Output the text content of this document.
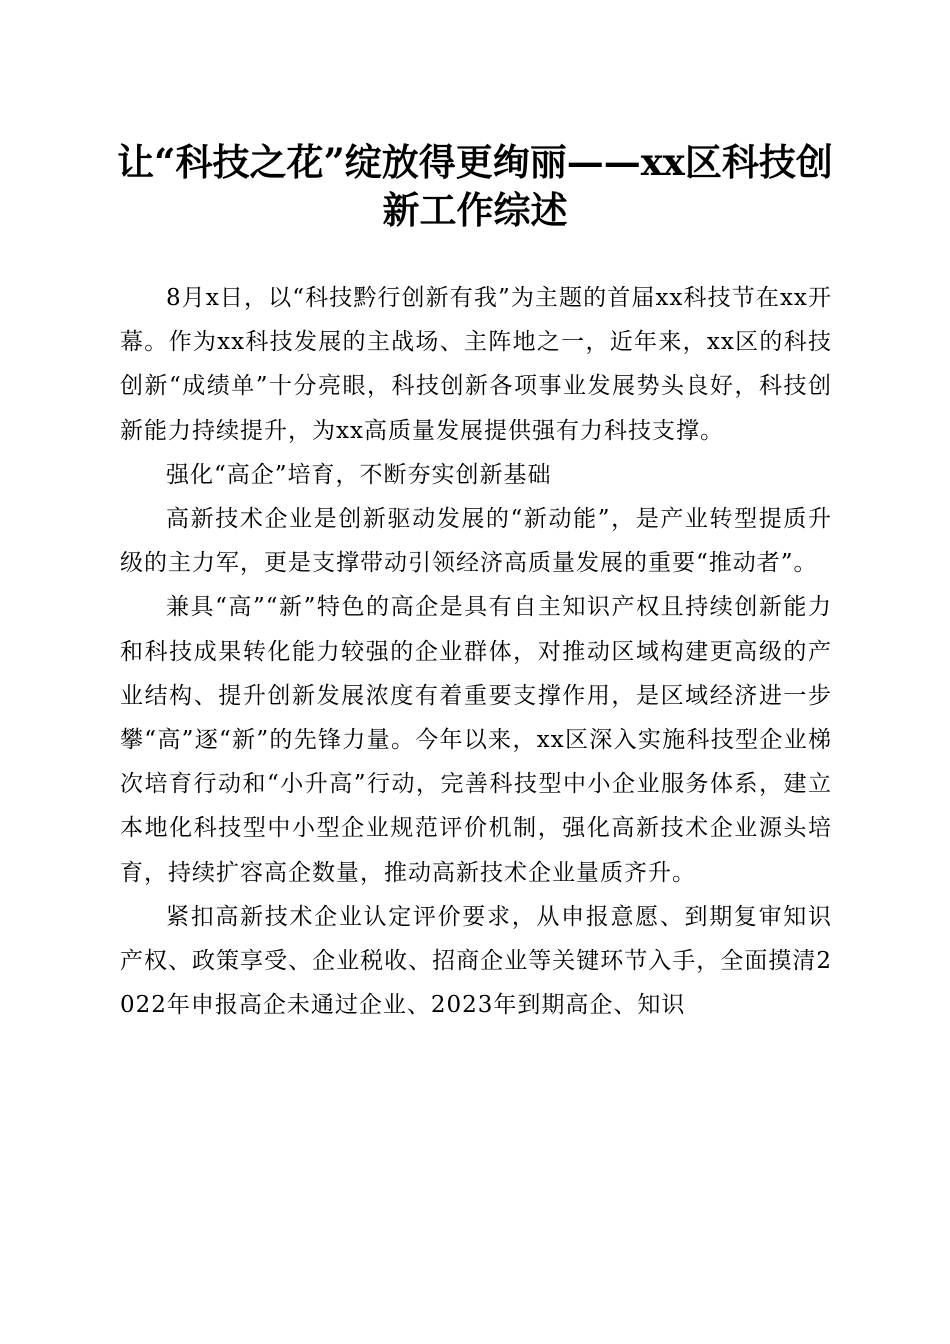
让“科技之花”绽放得更绚丽——xx区科技创新工作综述

8月x日，以“科技黔行创新有我”为主题的首届xx科技节在xx开幕。作为xx科技发展的主战场、主阵地之一，近年来，xx区的科技创新“成绩单”十分亮眼，科技创新各项事业发展势头良好，科技创新能力持续提升，为xx高质量发展提供强有力科技支撑。

强化“高企”培育，不断夯实创新基础

高新技术企业是创新驱动发展的“新动能”，是产业转型提质升级的主力军，更是支撑带动引领经济高质量发展的重要“推动者”。

兼具“高”“新”特色的高企是具有自主知识产权且持续创新能力和科技成果转化能力较强的企业群体，对推动区域构建更高级的产业结构、提升创新发展浓度有着重要支撑作用，是区域经济进一步攀“高”逐“新”的先锋力量。今年以来，xx区深入实施科技型企业梯次培育行动和“小升高”行动，完善科技型中小企业服务体系，建立本地化科技型中小型企业规范评价机制，强化高新技术企业源头培育，持续扩容高企数量，推动高新技术企业量质齐升。

紧扣高新技术企业认定评价要求，从申报意愿、到期复审知识产权、政策享受、企业税收、招商企业等关键环节入手，全面摸清2022年申报高企未通过企业、2023年到期高企、知识
